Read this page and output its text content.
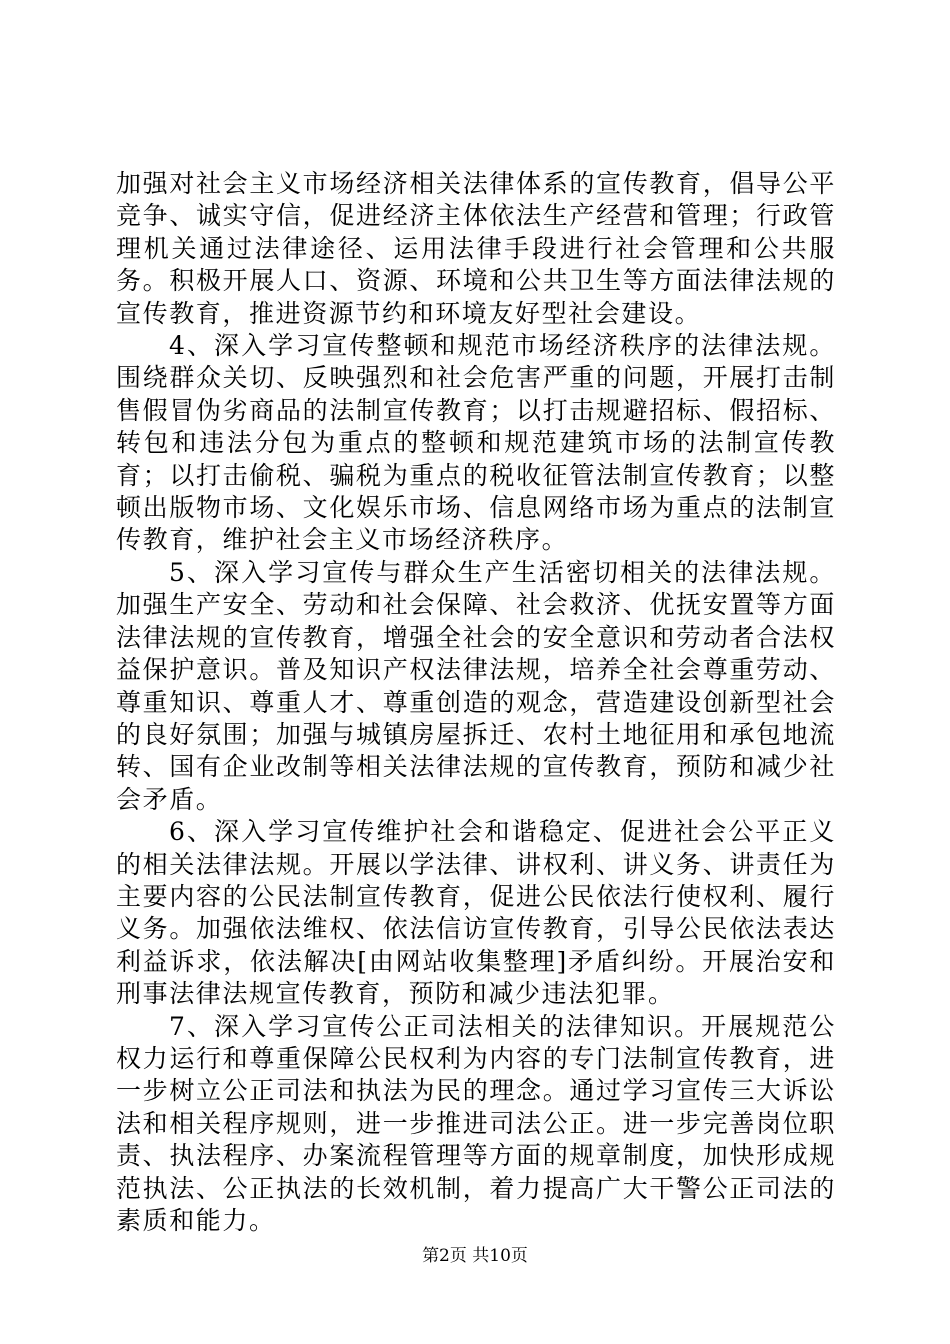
加强对社会主义市场经济相关法律体系的宣传教育，倡导公平竞争、诚实守信，促进经济主体依法生产经营和管理；行政管理机关通过法律途径、运用法律手段进行社会管理和公共服务。积极开展人口、资源、环境和公共卫生等方面法律法规的宣传教育，推进资源节约和环境友好型社会建设。

4、深入学习宣传整顿和规范市场经济秩序的法律法规。围绕群众关切、反映强烈和社会危害严重的问题，开展打击制售假冒伪劣商品的法制宣传教育；以打击规避招标、假招标、转包和违法分包为重点的整顿和规范建筑市场的法制宣传教育；以打击偷税、骗税为重点的税收征管法制宣传教育；以整顿出版物市场、文化娱乐市场、信息网络市场为重点的法制宣传教育，维护社会主义市场经济秩序。

5、深入学习宣传与群众生产生活密切相关的法律法规。加强生产安全、劳动和社会保障、社会救济、优抚安置等方面法律法规的宣传教育，增强全社会的安全意识和劳动者合法权益保护意识。普及知识产权法律法规，培养全社会尊重劳动、尊重知识、尊重人才、尊重创造的观念，营造建设创新型社会的良好氛围；加强与城镇房屋拆迁、农村土地征用和承包地流转、国有企业改制等相关法律法规的宣传教育，预防和减少社会矛盾。

6、深入学习宣传维护社会和谐稳定、促进社会公平正义的相关法律法规。开展以学法律、讲权利、讲义务、讲责任为主要内容的公民法制宣传教育，促进公民依法行使权利、履行义务。加强依法维权、依法信访宣传教育，引导公民依法表达利益诉求，依法解决[由网站收集整理]矛盾纠纷。开展治安和刑事法律法规宣传教育，预防和减少违法犯罪。

7、深入学习宣传公正司法相关的法律知识。开展规范公权力运行和尊重保障公民权利为内容的专门法制宣传教育，进一步树立公正司法和执法为民的理念。通过学习宣传三大诉讼法和相关程序规则，进一步推进司法公正。进一步完善岗位职责、执法程序、办案流程管理等方面的规章制度，加快形成规范执法、公正执法的长效机制，着力提高广大干警公正司法的素质和能力。

第2页 共10页
